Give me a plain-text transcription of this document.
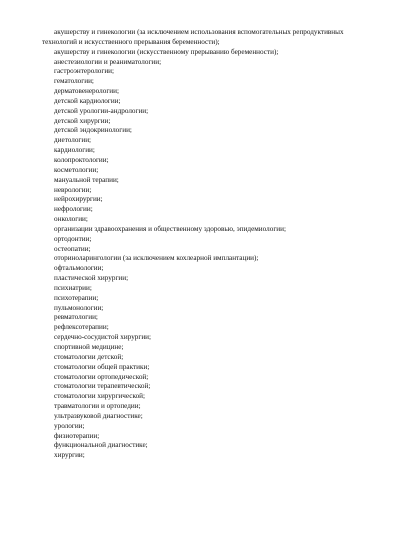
акушерству и гинекологии (за исключением использования вспомогательных репродуктивных
технологий и искусственного прерывания беременности);
акушерству и гинекологии (искусственному прерыванию беременности);
анестезиологии и реаниматологии;
гастроэнтерологии;
гематологии;
дерматовенерологии;
детской кардиологии;
детской урологии-андрологии;
детской хирургии;
детской эндокринологии;
диетологии;
кардиологии;
колопроктологии;
косметологии;
мануальной терапии;
неврологии;
нейрохирургии;
нефрологии;
онкологии;
организации здравоохранения и общественному здоровью, эпидемиологии;
ортодонтии;
остеопатии;
оториноларингологии (за исключением кохлеарной имплантации);
офтальмологии;
пластической хирургии;
психиатрии;
психотерапии;
пульмонологии;
ревматологии;
рефлексотерапии;
сердечно-сосудистой хирургии;
спортивной медицине;
стоматологии детской;
стоматологии общей практики;
стоматологии ортопедической;
стоматологии терапевтической;
стоматологии хирургической;
травматологии и ортопедии;
ультразвуковой диагностике;
урологии;
физиотерапии;
функциональной диагностике;
хирургии;
